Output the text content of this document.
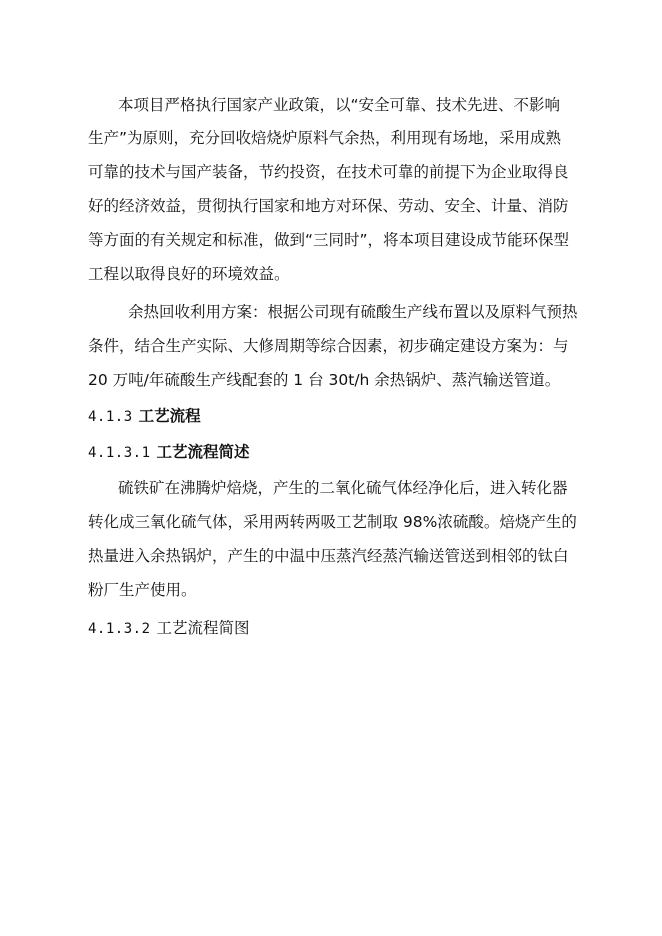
本项目严格执行国家产业政策，以“安全可靠、技术先进、不影响
生产”为原则，充分回收焙烧炉原料气余热，利用现有场地，采用成熟
可靠的技术与国产装备，节约投资，在技术可靠的前提下为企业取得良
好的经济效益，贯彻执行国家和地方对环保、劳动、安全、计量、消防
等方面的有关规定和标准，做到“三同时”，将本项目建设成节能环保型
工程以取得良好的环境效益。
余热回收利用方案：根据公司现有硫酸生产线布置以及原料气预热
条件，结合生产实际、大修周期等综合因素，初步确定建设方案为：与
20 万吨/年硫酸生产线配套的 1 台 30t/h 余热锅炉、蒸汽输送管道。
4.1.3 工艺流程
4.1.3.1 工艺流程简述
硫铁矿在沸腾炉焙烧，产生的二氧化硫气体经净化后，进入转化器
转化成三氧化硫气体，采用两转两吸工艺制取 98%浓硫酸。焙烧产生的
热量进入余热锅炉，产生的中温中压蒸汽经蒸汽输送管送到相邻的钛白
粉厂生产使用。
4.1.3.2 工艺流程简图
